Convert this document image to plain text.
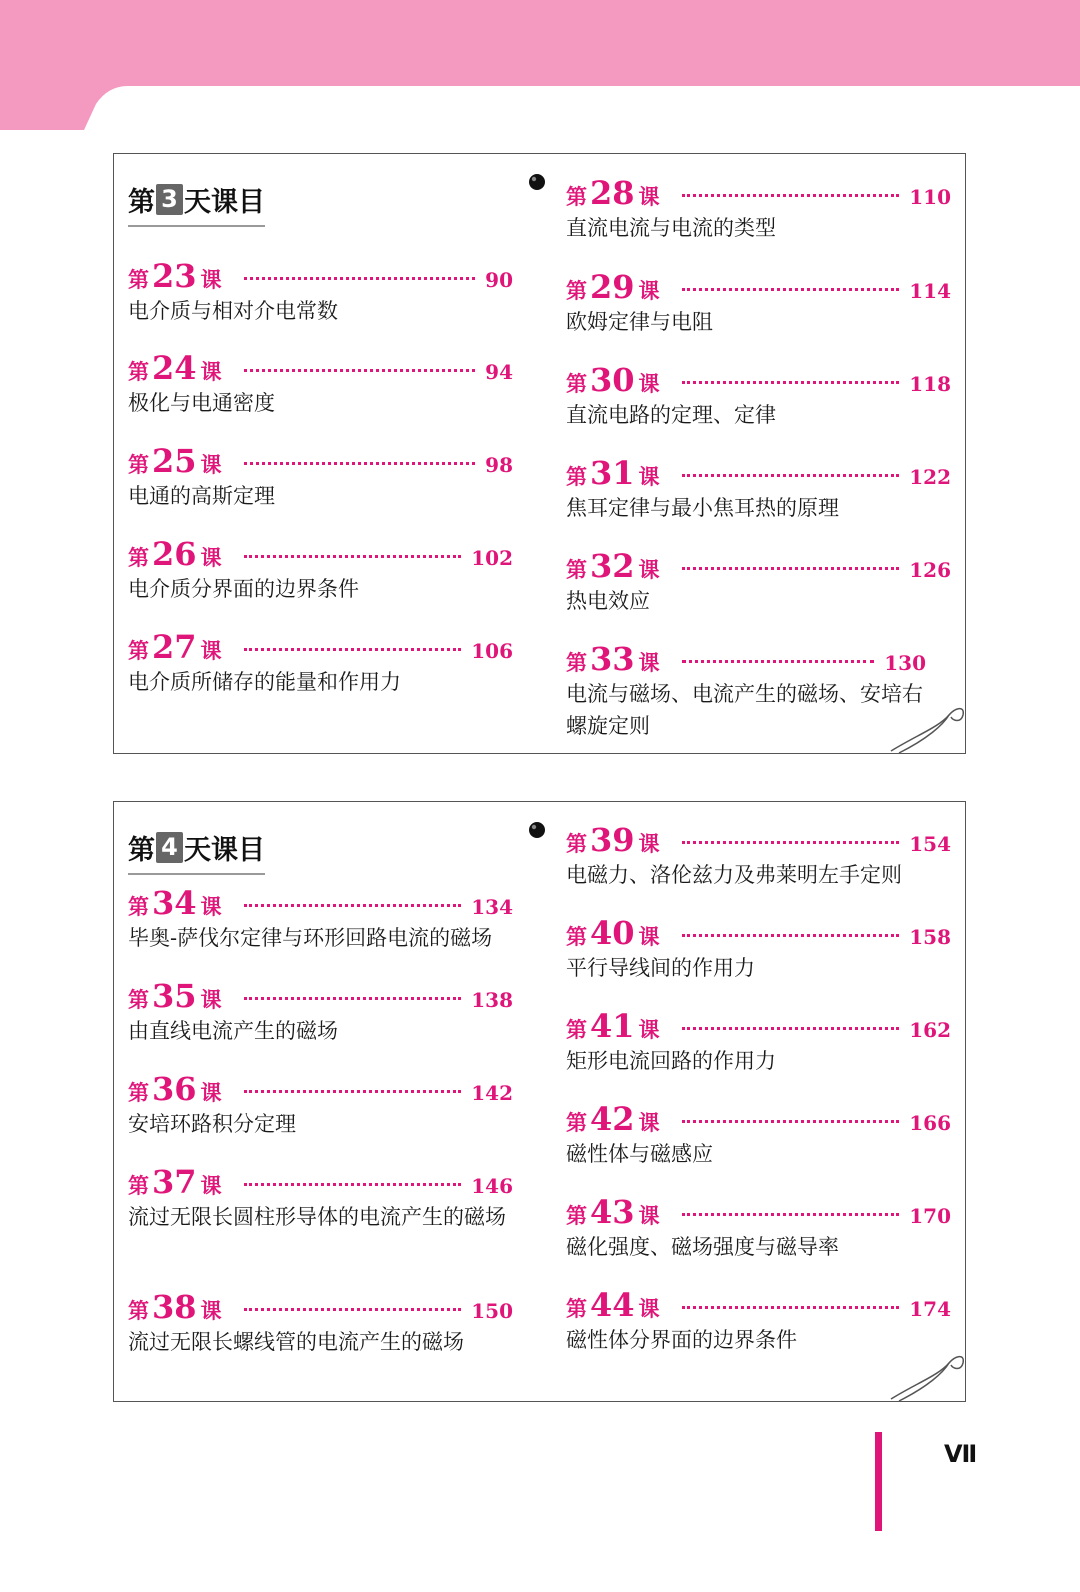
第 3 天课目
第 23 课	90
电介质与相对介电常数
第 24 课	94
极化与电通密度
第 25 课	98
电通的高斯定理
第 26 课	102
电介质分界面的边界条件
第 27 课	106
电介质所储存的能量和作用力
第 28 课	110
直流电流与电流的类型
第 29 课	114
欧姆定律与电阻
第 30 课	118
直流电路的定理、定律
第 31 课	122
焦耳定律与最小焦耳热的原理
第 32 课	126
热电效应
第 33 课	130
电流与磁场、电流产生的磁场、安培右螺旋定则
第 4 天课目
第 34 课	134
毕奥-萨伐尔定律与环形回路电流的磁场
第 35 课	138
由直线电流产生的磁场
第 36 课	142
安培环路积分定理
第 37 课	146
流过无限长圆柱形导体的电流产生的磁场
第 38 课	150
流过无限长螺线管的电流产生的磁场
第 39 课	154
电磁力、洛伦兹力及弗莱明左手定则
第 40 课	158
平行导线间的作用力
第 41 课	162
矩形电流回路的作用力
第 42 课	166
磁性体与磁感应
第 43 课	170
磁化强度、磁场强度与磁导率
第 44 课	174
磁性体分界面的边界条件
Ⅶ
